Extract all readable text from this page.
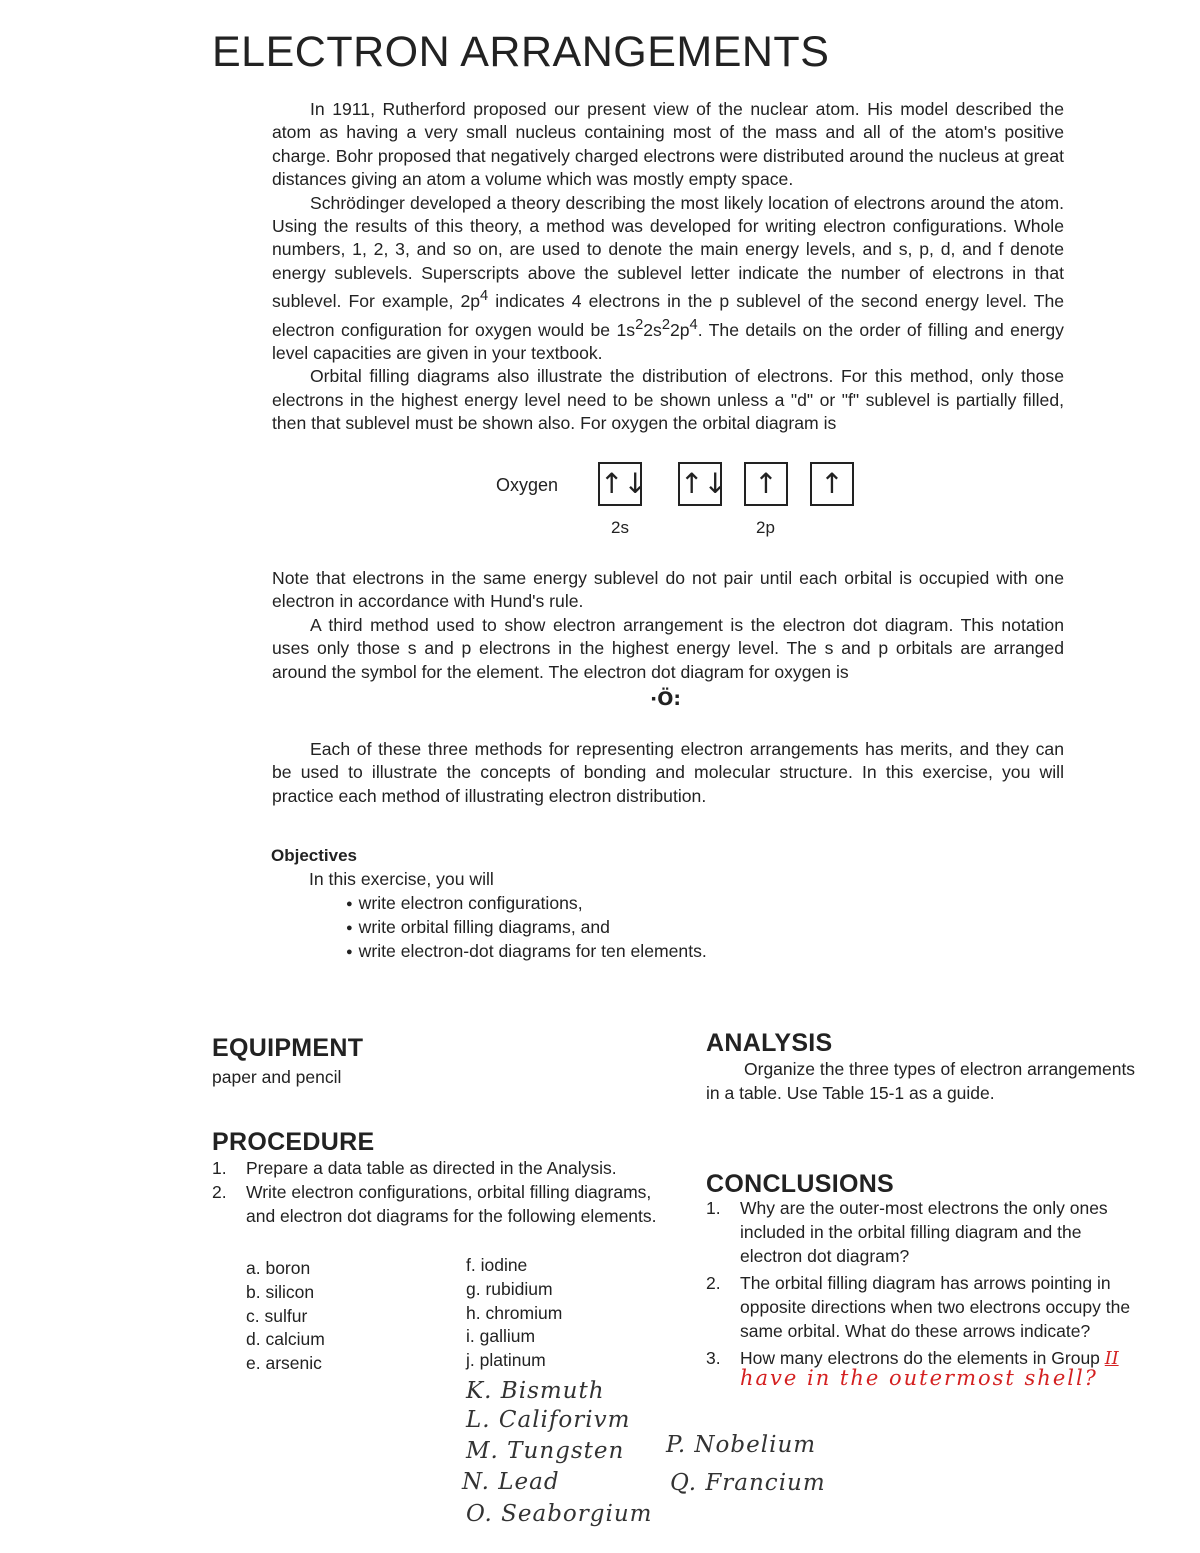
ELECTRON ARRANGEMENTS

In 1911, Rutherford proposed our present view of the nuclear atom. His model described the atom as having a very small nucleus containing most of the mass and all of the atom's positive charge. Bohr proposed that negatively charged electrons were distributed around the nucleus at great distances giving an atom a volume which was mostly empty space.

Schrödinger developed a theory describing the most likely location of electrons around the atom. Using the results of this theory, a method was developed for writing electron configurations. Whole numbers, 1, 2, 3, and so on, are used to denote the main energy levels, and s, p, d, and f denote energy sublevels. Superscripts above the sublevel letter indicate the number of electrons in that sublevel. For example, $2p^4$ indicates 4 electrons in the p sublevel of the second energy level. The electron configuration for oxygen would be $1s^22s^22p^4$. The details on the order of filling and energy level capacities are given in your textbook.

Orbital filling diagrams also illustrate the distribution of electrons. For this method, only those electrons in the highest energy level need to be shown unless a "d" or "f" sublevel is partially filled, then that sublevel must be shown also. For oxygen the orbital diagram is

Oxygen ↑↓ ↑↓ ↑	↑
2s	2p

Note that electrons in the same energy sublevel do not pair until each orbital is occupied with one electron in accordance with Hund's rule.

A third method used to show electron arrangement is the electron dot diagram. This notation uses only those s and p electrons in the highest energy level. The s and p orbitals are arranged around the symbol for the element. The electron dot diagram for oxygen is

·Ö:

Each of these three methods for representing electron arrangements has merits, and they can be used to illustrate the concepts of bonding and molecular structure. In this exercise, you will practice each method of illustrating electron distribution.

Objectives
In this exercise, you will
● write electron configurations,
● write orbital filling diagrams, and
● write electron-dot diagrams for ten elements.
EQUIPMENT
paper and pencil
PROCEDURE
1. Prepare a data table as directed in the Analysis.
2. Write electron configurations, orbital filling diagrams, and electron dot diagrams for the following elements.
a. boron
b. silicon
c. sulfur
d. calcium
e. arsenic
f. iodine
g. rubidium
h. chromium
i. gallium
j. platinum
K. Bismuth
L. Califorivm
M. Tungsten
N. Lead
O. Seaborgium
P. Nobelium
Q. Francium
ANALYSIS
Organize the three types of electron arrangements in a table. Use Table 15-1 as a guide.
CONCLUSIONS
1. Why are the outer-most electrons the only ones included in the orbital filling diagram and the electron dot diagram?
2. The orbital filling diagram has arrows pointing in opposite directions when two electrons occupy the same orbital. What do these arrows indicate?
3. How many electrons do the elements in Group II
have in the outermost shell?
